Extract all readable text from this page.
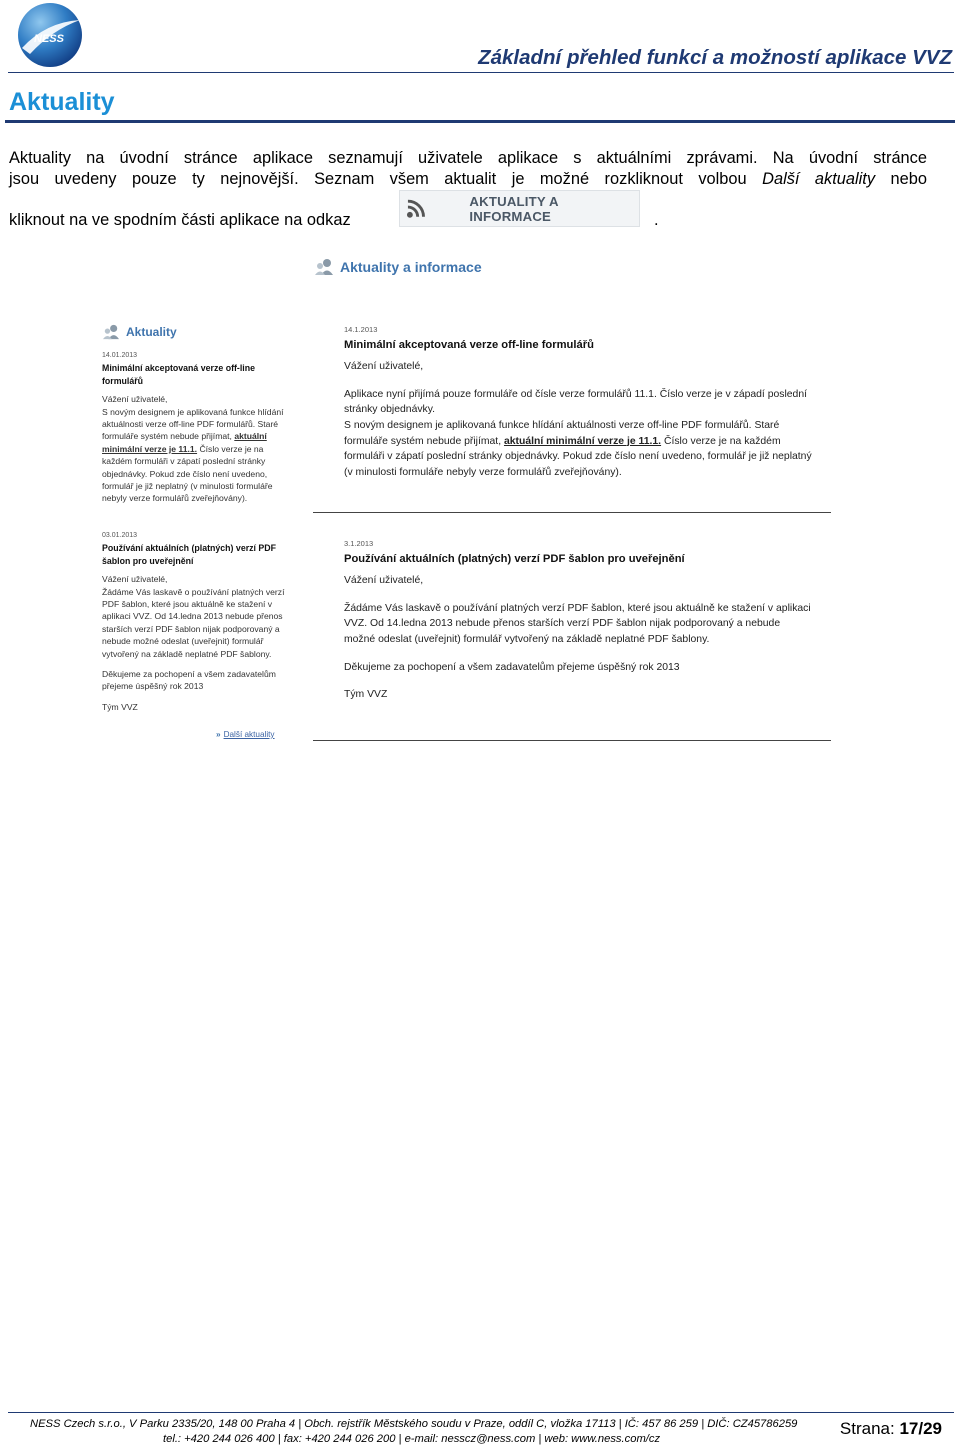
NESS
Základní přehled funkcí a možností aplikace VVZ
Aktuality

Aktuality na úvodní stránce aplikace seznamují uživatele aplikace s aktuálními zprávami. Na úvodní stránce

jsou uvedeny pouze ty nejnovější. Seznam všem aktualit je možné rozkliknout volbou Další aktuality nebo

kliknout na ve spodním části aplikace na odkaz	.

AKTUALITY A INFORMACE
Aktuality a informace
Aktuality
14.01.2013
Minimální akceptovaná verze off-line formulářů
Vážení uživatelé,
S novým designem je aplikovaná funkce hlídání aktuálnosti verze off-line PDF formulářů. Staré formuláře systém nebude přijímat, aktuální minimální verze je 11.1. Číslo verze je na každém formuláři v zápatí poslední stránky objednávky. Pokud zde číslo není uvedeno, formulář je již neplatný (v minulosti formuláře nebyly verze formulářů zveřejňovány).
03.01.2013
Používání aktuálních (platných) verzí PDF šablon pro uveřejnění
Vážení uživatelé,
Žádáme Vás laskavě o používání platných verzí PDF šablon, které jsou aktuálně ke stažení v aplikaci VVZ. Od 14.ledna 2013 nebude přenos starších verzí PDF šablon nijak podporovaný a nebude možné odeslat (uveřejnit) formulář vytvořený na základě neplatné PDF šablony.
Děkujeme za pochopení a všem zadavatelům přejeme úspěšný rok 2013
Tým VVZ
» Další aktuality
14.1.2013
Minimální akceptovaná verze off-line formulářů
Vážení uživatelé,
Aplikace nyní přijímá pouze formuláře od čísle verze formulářů 11.1. Číslo verze je v západí poslední stránky objednávky.
S novým designem je aplikovaná funkce hlídání aktuálnosti verze off-line PDF formulářů. Staré formuláře systém nebude přijímat, aktuální minimální verze je 11.1. Číslo verze je na každém formuláři v zápatí poslední stránky objednávky. Pokud zde číslo není uvedeno, formulář je již neplatný (v minulosti formuláře nebyly verze formulářů zveřejňovány).
3.1.2013
Používání aktuálních (platných) verzí PDF šablon pro uveřejnění
Vážení uživatelé,
Žádáme Vás laskavě o používání platných verzí PDF šablon, které jsou aktuálně ke stažení v aplikaci VVZ. Od 14.ledna 2013 nebude přenos starších verzí PDF šablon nijak podporovaný a nebude možné odeslat (uveřejnit) formulář vytvořený na základě neplatné PDF šablony.
Děkujeme za pochopení a všem zadavatelům přejeme úspěšný rok 2013
Tým VVZ
NESS Czech s.r.o., V Parku 2335/20, 148 00 Praha 4 | Obch. rejstřík Městského soudu v Praze, oddíl C, vložka 17113 | IČ: 457 86 259 | DIČ: CZ45786259
tel.: +420 244 026 400 | fax: +420 244 026 200 | e-mail: nesscz@ness.com | web: www.ness.com/cz
Strana: 17/29
